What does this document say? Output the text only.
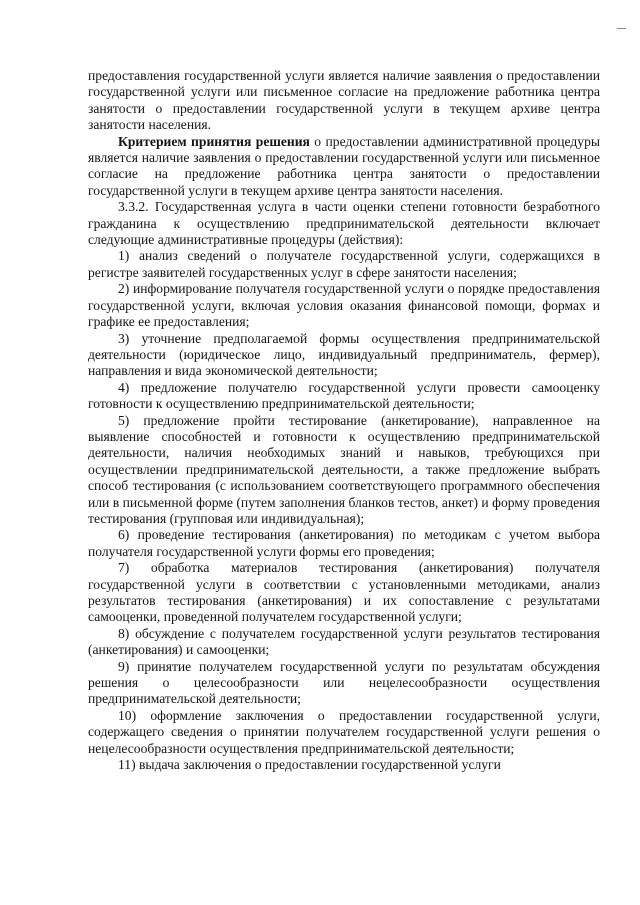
предоставления государственной услуги является наличие заявления о предоставлении государственной услуги или письменное согласие на предложение работника центра занятости о предоставлении государственной услуги в текущем архиве центра занятости населения.

Критерием принятия решения о предоставлении административной процедуры является наличие заявления о предоставлении государственной услуги или письменное согласие на предложение работника центра занятости о предоставлении государственной услуги в текущем архиве центра занятости населения.

3.3.2. Государственная услуга в части оценки степени готовности безработного гражданина к осуществлению предпринимательской деятельности включает следующие административные процедуры (действия):

1) анализ сведений о получателе государственной услуги, содержащихся в регистре заявителей государственных услуг в сфере занятости населения;

2) информирование получателя государственной услуги о порядке предоставления государственной услуги, включая условия оказания финансовой помощи, формах и графике ее предоставления;

3) уточнение предполагаемой формы осуществления предпринимательской деятельности (юридическое лицо, индивидуальный предприниматель, фермер), направления и вида экономической деятельности;

4) предложение получателю государственной услуги провести самооценку готовности к осуществлению предпринимательской деятельности;

5) предложение пройти тестирование (анкетирование), направленное на выявление способностей и готовности к осуществлению предпринимательской деятельности, наличия необходимых знаний и навыков, требующихся при осуществлении предпринимательской деятельности, а также предложение выбрать способ тестирования (с использованием соответствующего программного обеспечения или в письменной форме (путем заполнения бланков тестов, анкет) и форму проведения тестирования (групповая или индивидуальная);

6) проведение тестирования (анкетирования) по методикам с учетом выбора получателя государственной услуги формы его проведения;

7) обработка материалов тестирования (анкетирования) получателя государственной услуги в соответствии с установленными методиками, анализ результатов тестирования (анкетирования) и их сопоставление с результатами самооценки, проведенной получателем государственной услуги;

8) обсуждение с получателем государственной услуги результатов тестирования (анкетирования) и самооценки;

9) принятие получателем государственной услуги по результатам обсуждения решения о целесообразности или нецелесообразности осуществления предпринимательской деятельности;

10) оформление заключения о предоставлении государственной услуги, содержащего сведения о принятии получателем государственной услуги решения о нецелесообразности осуществления предпринимательской деятельности;

11) выдача заключения о предоставлении государственной услуги
